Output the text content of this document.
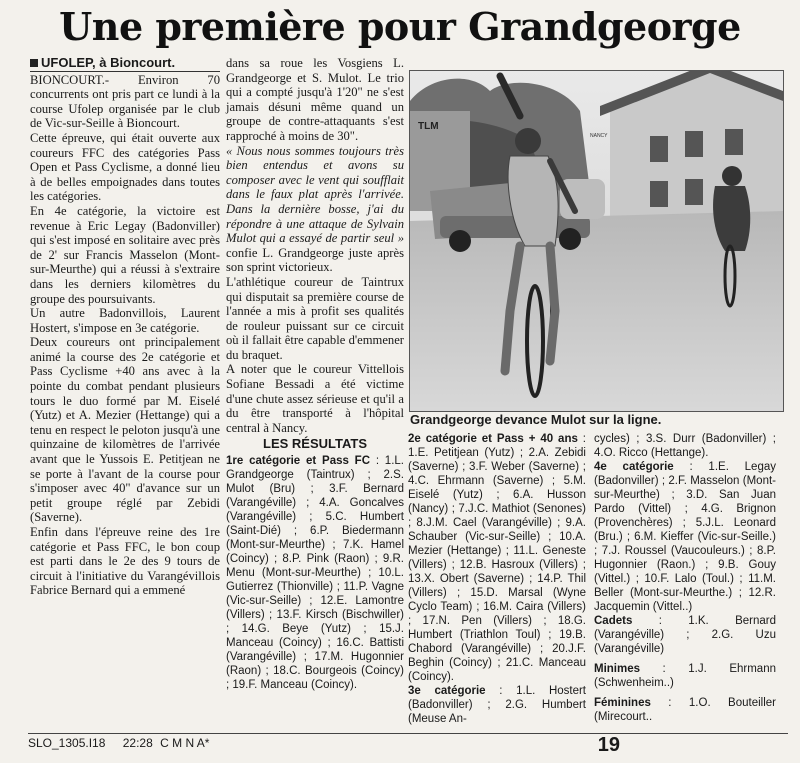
Une première pour Grandgeorge
UFOLEP, à Bioncourt.

BIONCOURT.- Environ 70 concurrents ont pris part ce lundi à la course Ufolep organisée par le club de Vic-sur-Seille à Bioncourt.

Cette épreuve, qui était ouverte aux coureurs FFC des catégories Pass Open et Pass Cyclisme, a donné lieu à de belles empoignades dans toutes les catégories.

En 4e catégorie, la victoire est revenue à Eric Legay (Badonviller) qui s'est imposé en solitaire avec près de 2' sur Francis Masselon (Mont-sur-Meurthe) qui a réussi à s'extraire dans les derniers kilomètres du groupe des poursuivants.

Un autre Badonvillois, Laurent Hostert, s'impose en 3e catégorie.

Deux coureurs ont principalement animé la course des 2e catégorie et Pass Cyclisme +40 ans avec à la pointe du combat pendant plusieurs tours le duo formé par M. Eiselé (Yutz) et A. Mezier (Hettange) qui a tenu en respect le peloton jusqu'à une quinzaine de kilomètres de l'arrivée avant que le Yussois E. Petitjean ne se porte à l'avant de la course pour s'imposer avec 40" d'avance sur un petit groupe réglé par Zebidi (Saverne).

Enfin dans l'épreuve reine des 1re catégorie et Pass FFC, le bon coup est parti dans le 2e des 9 tours de circuit à l'initiative du Varangévillois Fabrice Bernard qui a emmené

dans sa roue les Vosgiens L. Grandgeorge et S. Mulot. Le trio qui a compté jusqu'à 1'20" ne s'est jamais désuni même quand un groupe de contre-attaquants s'est rapproché à moins de 30".

« Nous nous sommes toujours très bien entendus et avons su composer avec le vent qui soufflait dans le faux plat après l'arrivée. Dans la dernière bosse, j'ai du répondre à une attaque de Sylvain Mulot qui a essayé de partir seul » confie L. Grandgeorge juste après son sprint victorieux.

L'athlétique coureur de Taintrux qui disputait sa première course de l'année a mis à profit ses qualités de rouleur puissant sur ce circuit où il fallait être capable d'emmener du braquet.

A noter que le coureur Vittellois Sofiane Bessadi a été victime d'une chute assez sérieuse et qu'il a du être transporté à l'hôpital central à Nancy.

LES RÉSULTATS

1re catégorie et Pass FC : 1.L. Grandgeorge (Taintrux) ; 2.S. Mulot (Bru) ; 3.F. Bernard (Varangéville) ; 4.A. Goncalves (Varangéville) ; 5.C. Humbert (Saint-Dié) ; 6.P. Biedermann (Mont-sur-Meurthe) ; 7.K. Hamel (Coincy) ; 8.P. Pink (Raon) ; 9.R. Menu (Mont-sur-Meurthe) ; 10.L. Gutierrez (Thionville) ; 11.P. Vagne (Vic-sur-Seille) ; 12.E. Lamontre (Villers) ; 13.F. Kirsch (Bischwiller) ; 14.G. Beye (Yutz) ; 15.J. Manceau (Coincy) ; 16.C. Battisti (Varangéville) ; 17.M. Hugonnier (Raon) ; 18.C. Bourgeois (Coincy) ; 19.F. Manceau (Coincy).

TLM
NANCY
Grandgeorge devance Mulot sur la ligne.

2e catégorie et Pass + 40 ans : 1.E. Petitjean (Yutz) ; 2.A. Zebidi (Saverne) ; 3.F. Weber (Saverne) ; 4.C. Ehrmann (Saverne) ; 5.M. Eiselé (Yutz) ; 6.A. Husson (Nancy) ; 7.J.C. Mathiot (Senones) ; 8.J.M. Cael (Varangéville) ; 9.A. Schauber (Vic-sur-Seille) ; 10.A. Mezier (Hettange) ; 11.L. Geneste (Villers) ; 12.B. Hasroux (Villers) ; 13.X. Obert (Saverne) ; 14.P. Thil (Villers) ; 15.D. Marsal (Wyne Cyclo Team) ; 16.M. Caira (Villers) ; 17.N. Pen (Villers) ; 18.G. Humbert (Triathlon Toul) ; 19.B. Chabord (Varangéville) ; 20.J.F. Beghin (Coincy) ; 21.C. Manceau (Coincy).

3e catégorie : 1.L. Hostert (Badonviller) ; 2.G. Humbert (Meuse An-

cycles) ; 3.S. Durr (Badonviller) ; 4.O. Ricco (Hettange).

4e catégorie : 1.E. Legay (Badonviller) ; 2.F. Masselon (Mont-sur-Meurthe) ; 3.D. San Juan Pardo (Vittel) ; 4.G. Brignon (Provenchères) ; 5.J.L. Leonard (Bru.) ; 6.M. Kieffer (Vic-sur-Seille.) ; 7.J. Roussel (Vaucouleurs.) ; 8.P. Hugonnier (Raon.) ; 9.B. Gouy (Vittel.) ; 10.F. Lalo (Toul.) ; 11.M. Beller (Mont-sur-Meurthe.) ; 12.R. Jacquemin (Vittel..)

Cadets : 1.K. Bernard (Varangéville) ; 2.G. Uzu (Varangéville)

Minimes : 1.J. Ehrmann (Schwenheim..)

Féminines : 1.O. Bouteiller (Mirecourt..

SLO_1305.I18 22:28 C M N A*	19
